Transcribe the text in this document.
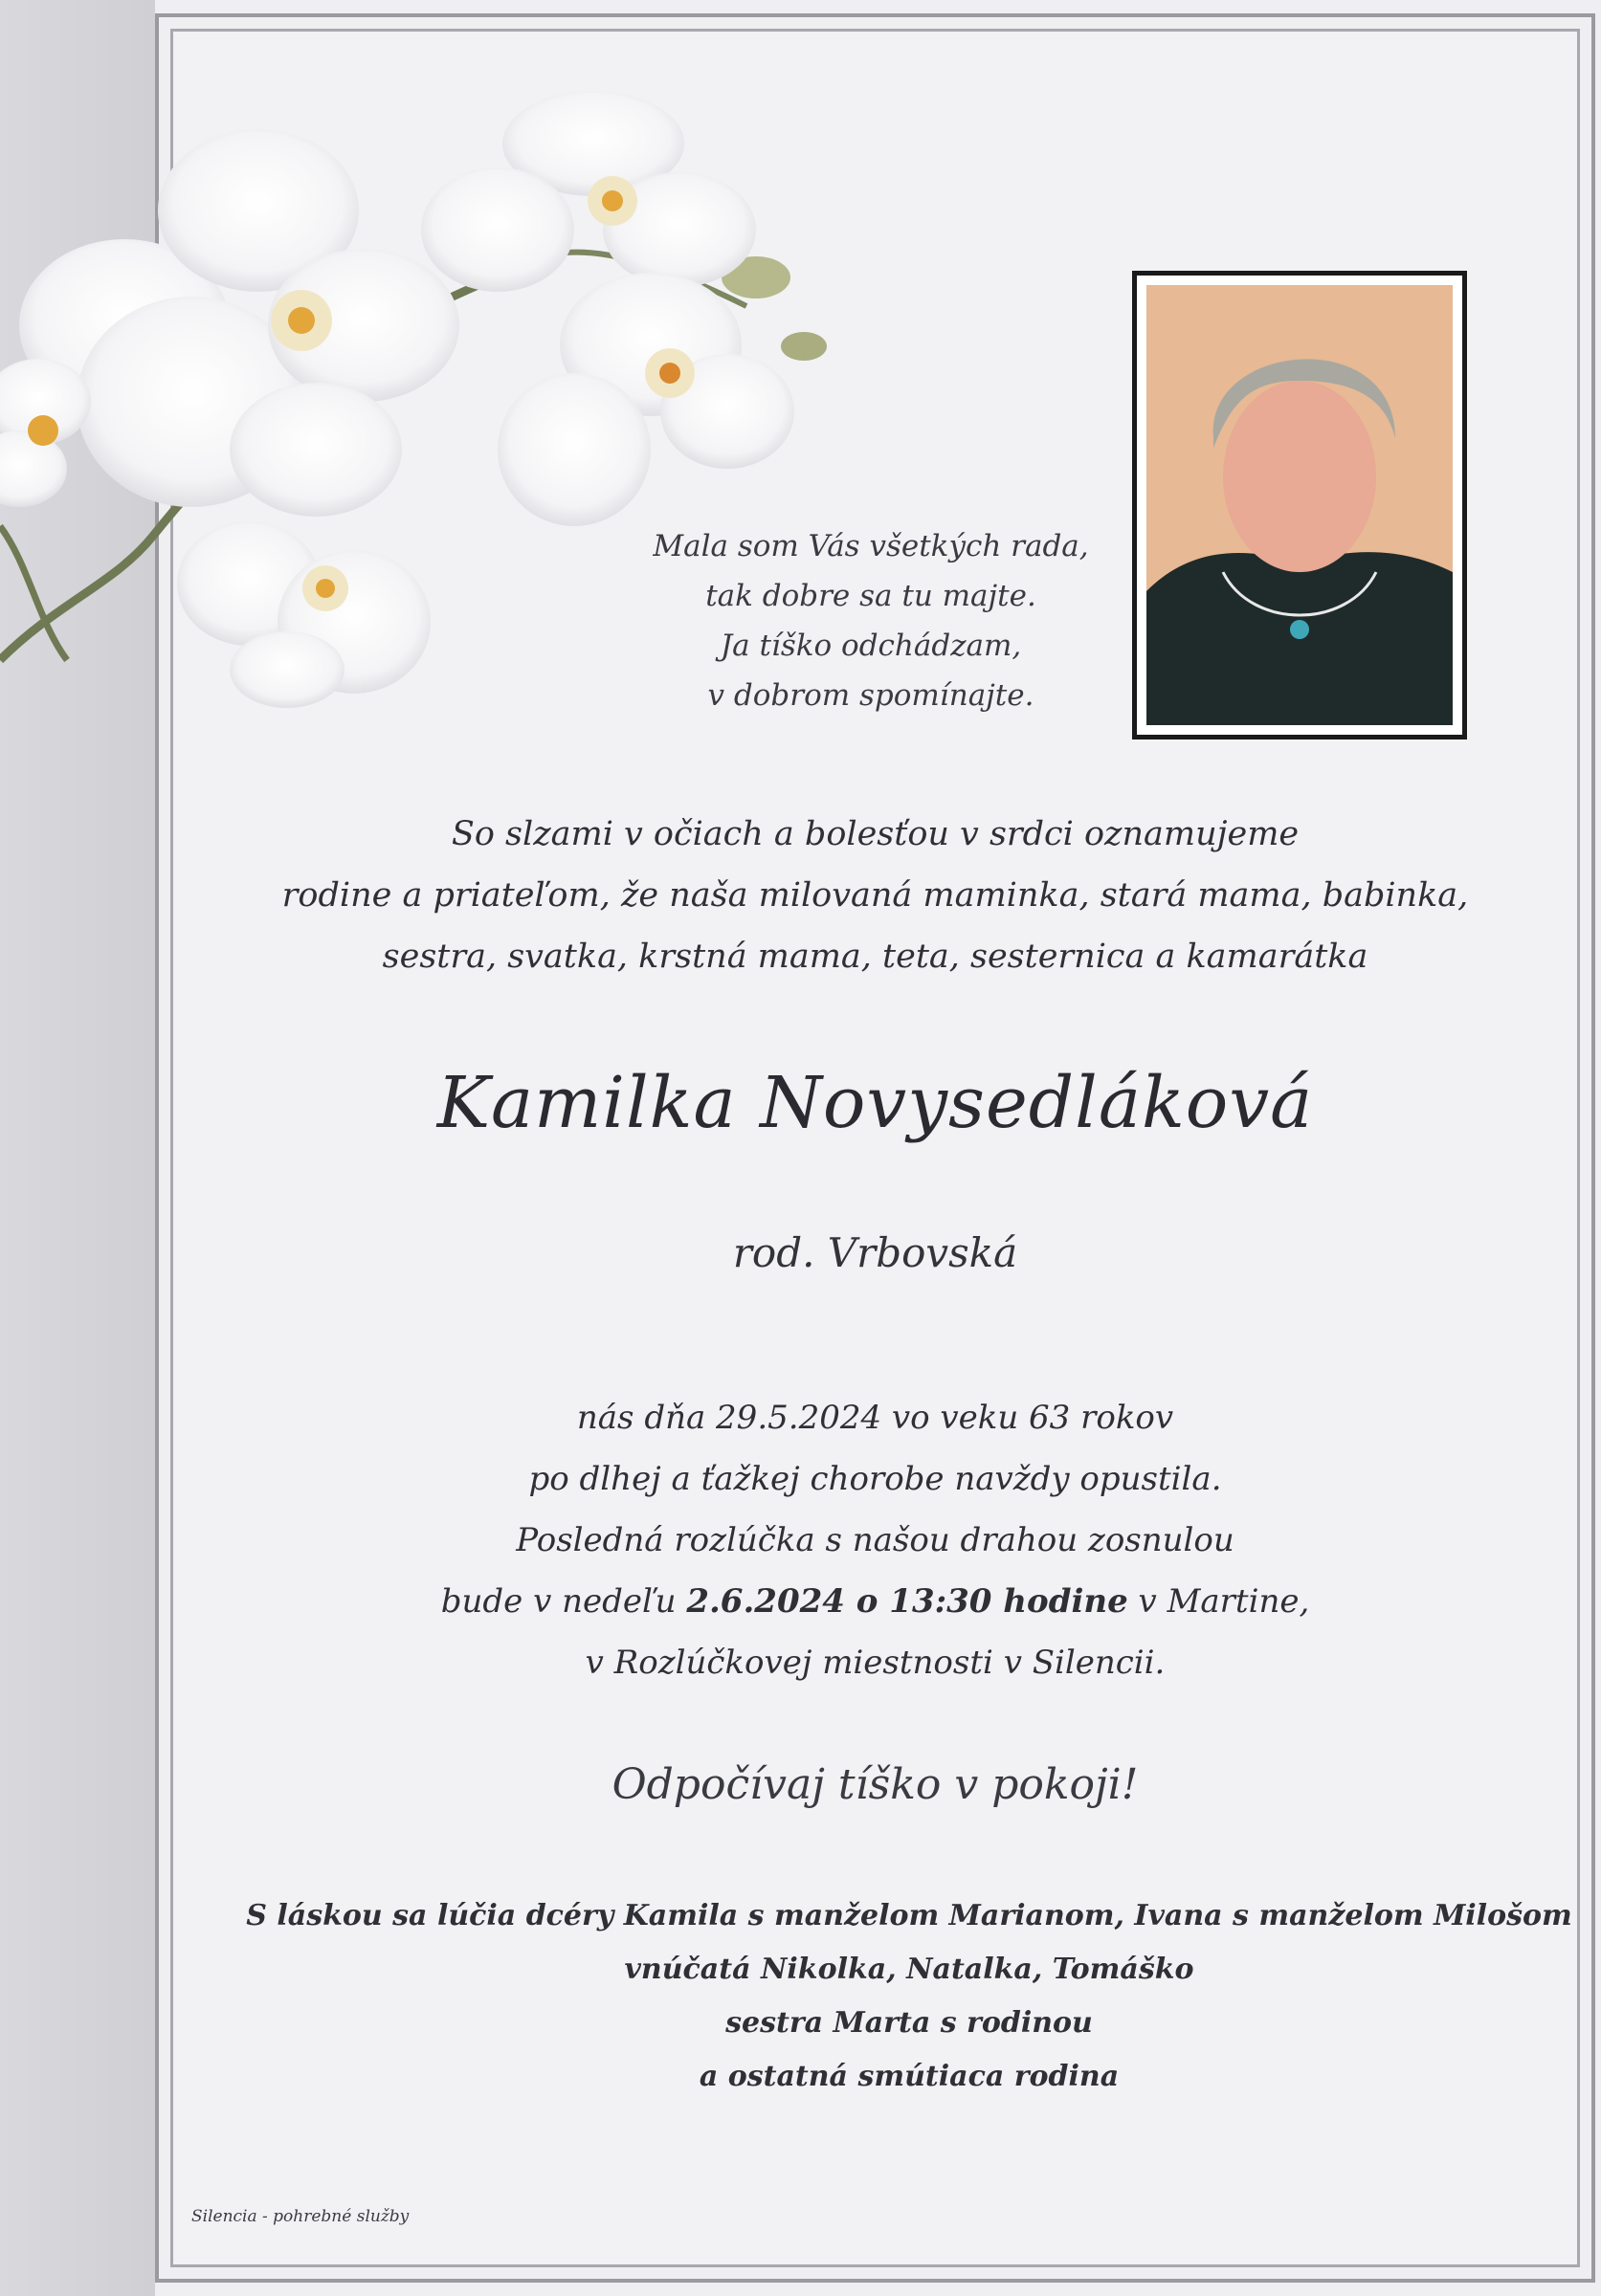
Mala som Vás všetkých rada,
tak dobre sa tu majte.
Ja tíško odchádzam,
v dobrom spomínajte.
So slzami v očiach a bolesťou v srdci oznamujeme
rodine a priateľom, že naša milovaná maminka, stará mama, babinka,
sestra, svatka, krstná mama, teta, sesternica a kamarátka
Kamilka Novysedláková
rod. Vrbovská
nás dňa 29.5.2024 vo veku 63 rokov
po dlhej a ťažkej chorobe navždy opustila.
Posledná rozlúčka s našou drahou zosnulou
bude v nedeľu 2.6.2024 o 13:30 hodine v Martine,
v Rozlúčkovej miestnosti v Silencii.
Odpočívaj tíško v pokoji!
S láskou sa lúčia dcéry Kamila s manželom Marianom, Ivana s manželom Milošom
vnúčatá Nikolka, Natalka, Tomáško
sestra Marta s rodinou
a ostatná smútiaca rodina
Silencia - pohrebné služby
